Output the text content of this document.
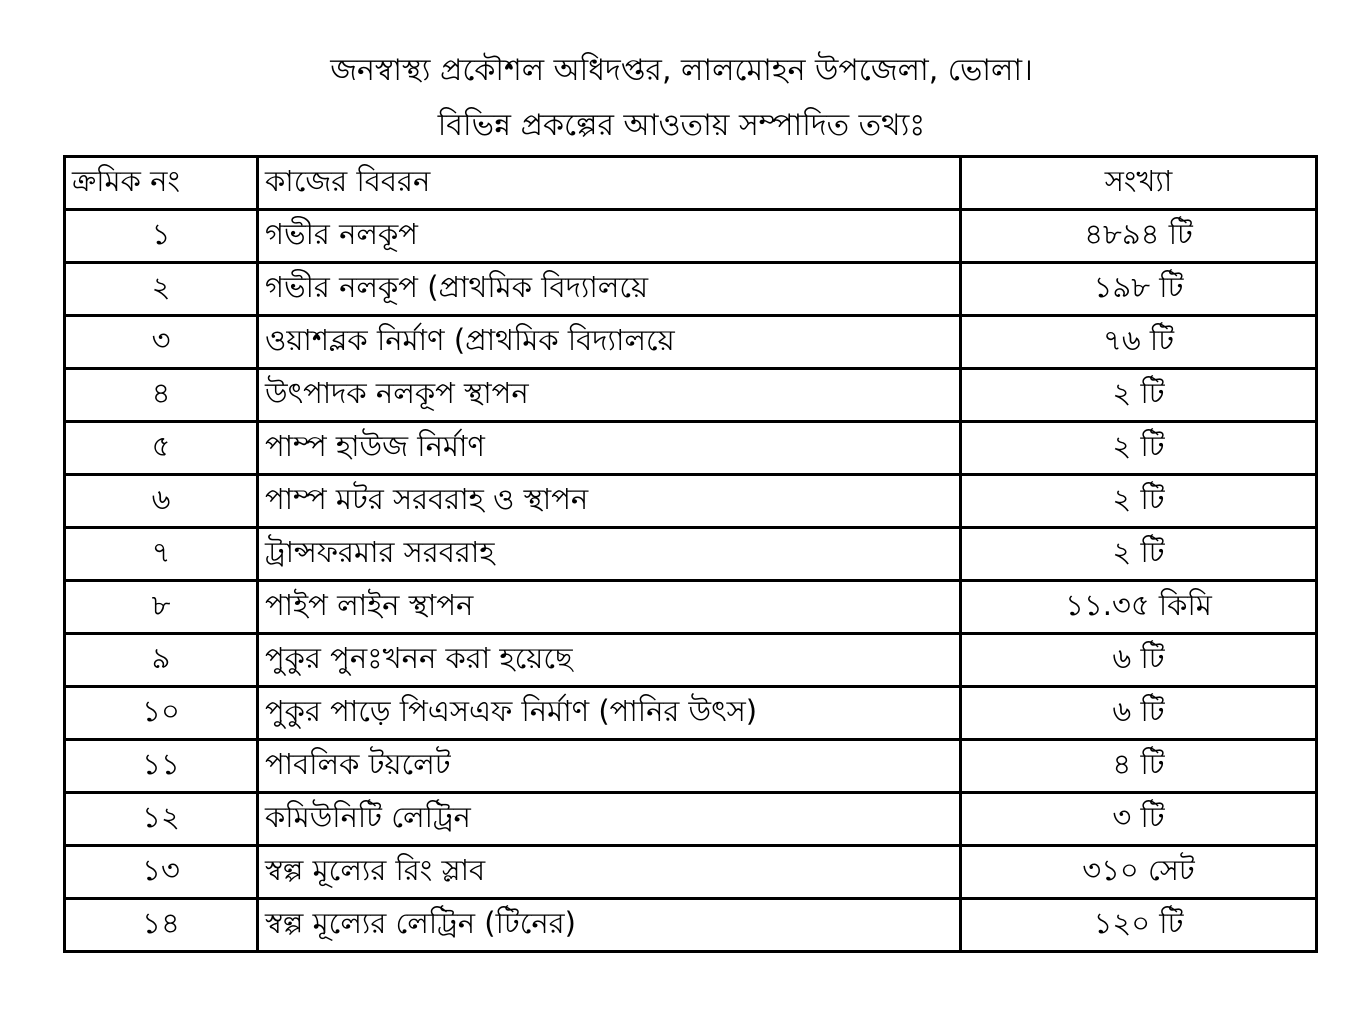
জনস্বাস্থ্য প্রকৌশল অধিদপ্তর, লালমোহন উপজেলা, ভোলা।
বিভিন্ন প্রকল্পের আওতায় সম্পাদিত তথ্যঃ
ক্রমিক নং	কাজের বিবরন	সংখ্যা
১	গভীর নলকূপ	৪৮৯৪ টি
২	গভীর নলকূপ (প্রাথমিক বিদ্যালয়ে	১৯৮ টি
৩	ওয়াশব্লক নির্মাণ (প্রাথমিক বিদ্যালয়ে	৭৬ টি
৪	উৎপাদক নলকূপ স্থাপন	২ টি
৫	পাম্প হাউজ নির্মাণ	২ টি
৬	পাম্প মটর সরবরাহ ও স্থাপন	২ টি
৭	ট্রান্সফরমার সরবরাহ	২ টি
৮	পাইপ লাইন স্থাপন	১১.৩৫ কিমি
৯	পুকুর পুনঃখনন করা হয়েছে	৬ টি
১০	পুকুর পাড়ে পিএসএফ নির্মাণ (পানির উৎস)	৬ টি
১১	পাবলিক টয়লেট	৪ টি
১২	কমিউনিটি লেট্রিন	৩ টি
১৩	স্বল্প মূল্যের রিং স্লাব	৩১০ সেট
১৪	স্বল্প মূল্যের লেট্রিন (টিনের)	১২০ টি
